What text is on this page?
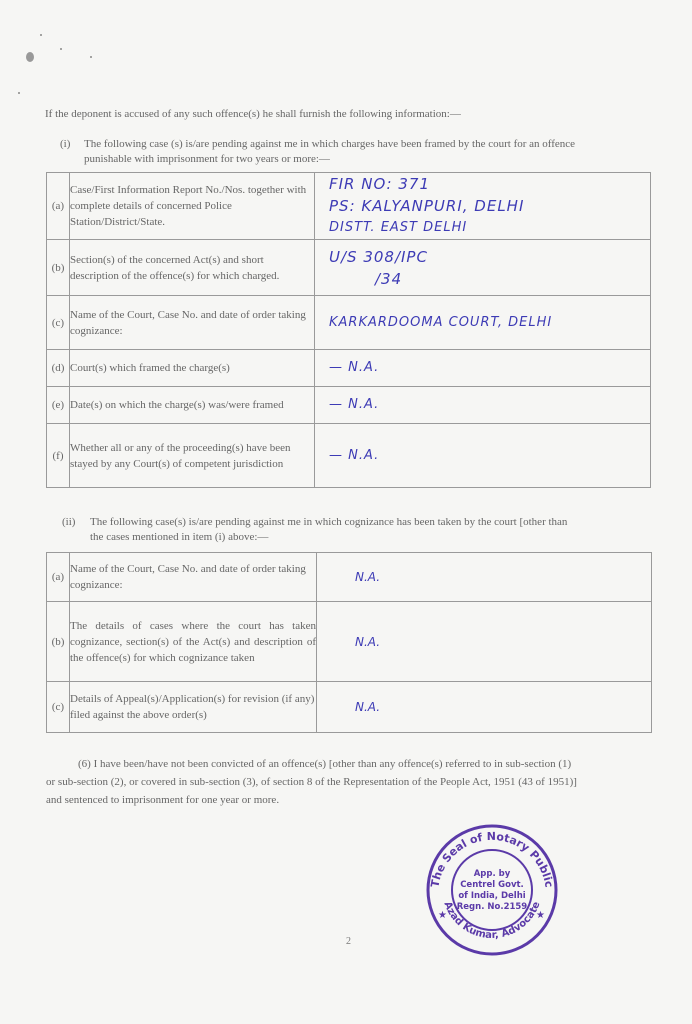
If the deponent is accused of any such offence(s) he shall furnish the following information:—
(i) The following case (s) is/are pending against me in which charges have been framed by the court for an offence
punishable with imprisonment for two years or more:—
(a)	Case/First Information Report No./Nos. together with complete details of concerned Police Station/District/State.	FIR NO: 371
PS: KALYANPURI, DELHI
DISTT. EAST DELHI

(b)	Section(s) of the concerned Act(s) and short description of the offence(s) for which charged.	U/S 308/IPC
/34

(c)	Name of the Court, Case No. and date of order taking cognizance:	KARKARDOOMA COURT, DELHI

(d)	Court(s) which framed the charge(s)	— N.A.

(e)	Date(s) on which the charge(s) was/were framed	— N.A.

(f)	Whether all or any of the proceeding(s) have been stayed by any Court(s) of competent jurisdiction	— N.A.
(ii) The following case(s) is/are pending against me in which cognizance has been taken by the court [other than
the cases mentioned in item (i) above:—
(a)	Name of the Court, Case No. and date of order taking cognizance:	N.A.

(b)	The details of cases where the court has taken cognizance, section(s) of the Act(s) and description of the offence(s) for which cognizance taken	N.A.

(c)	Details of Appeal(s)/Application(s) for revision (if any) filed against the above order(s)	N.A.
(6) I have been/have not been convicted of an offence(s) [other than any offence(s) referred to in sub-section (1)
or sub-section (2), or covered in sub-section (3), of section 8 of the Representation of the People Act, 1951 (43 of 1951)]
and sentenced to imprisonment for one year or more.
The Seal of Notary Public
Azad Kumar, Advocate
App. by
Centrel Govt.
of India, Delhi
Regn. No.2159
★	★
2
